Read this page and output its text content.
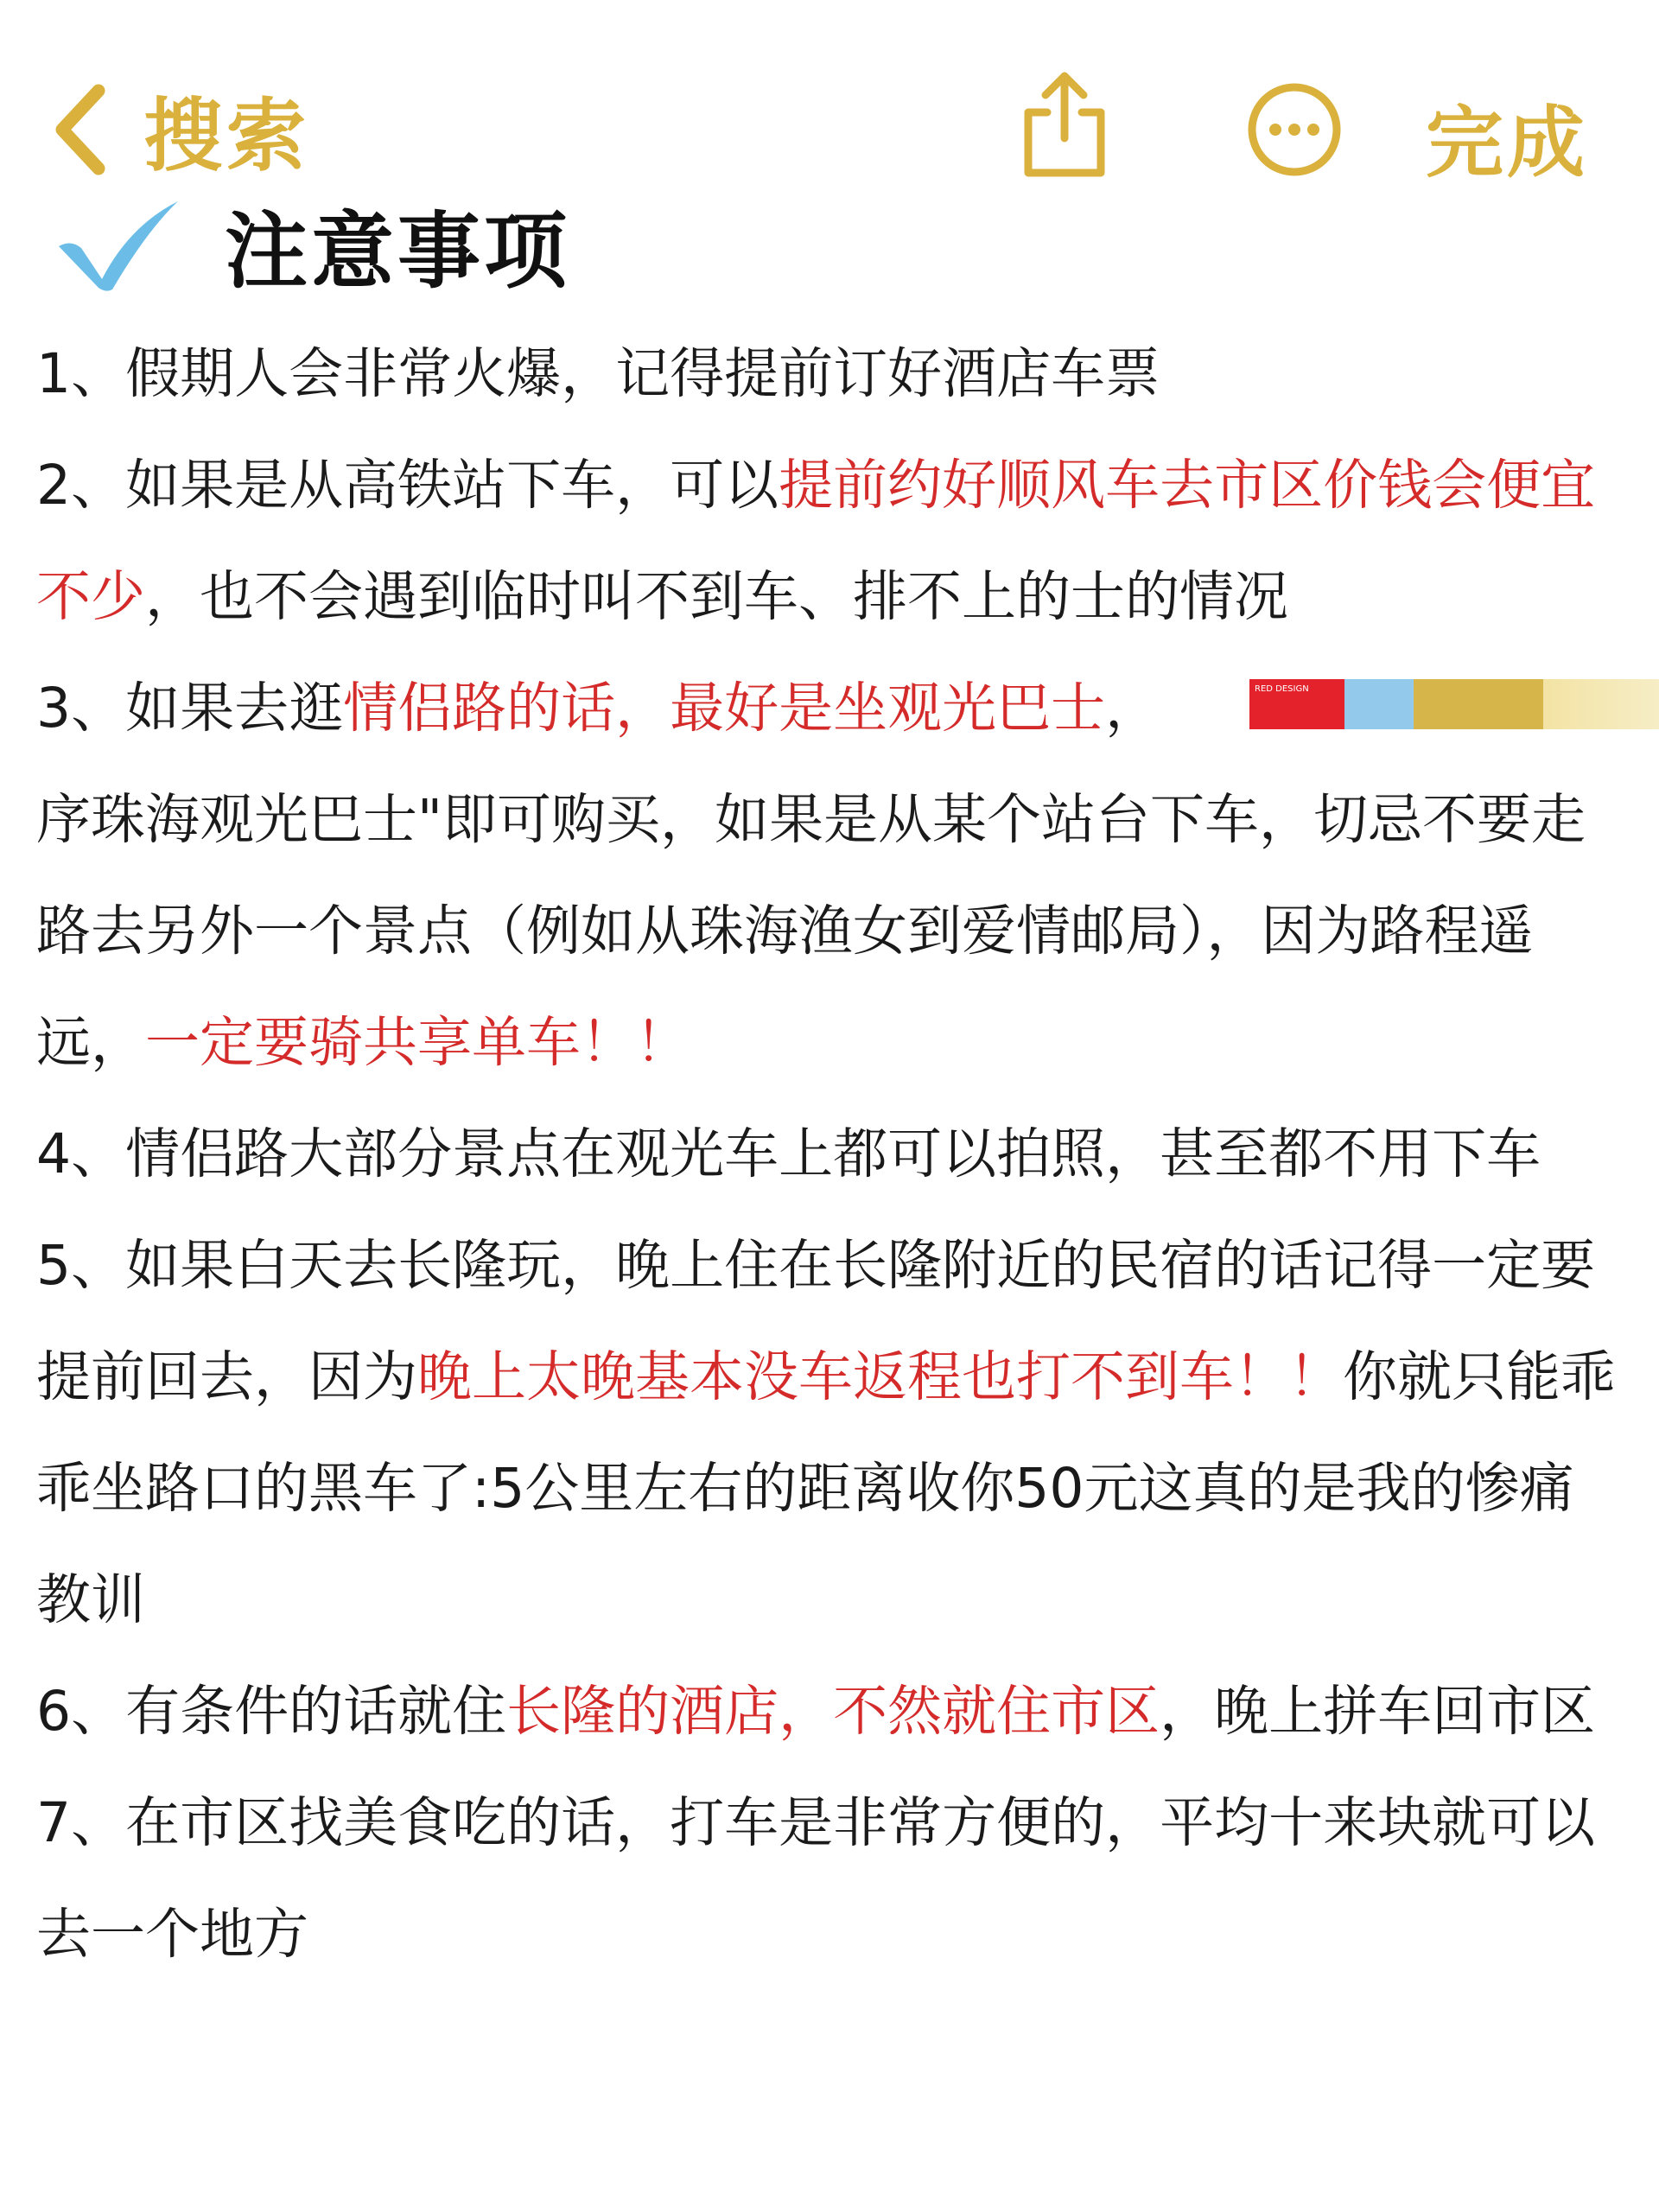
搜索	完成
注意事项

1、假期人会非常火爆，记得提前订好酒店车票

2、如果是从高铁站下车，可以提前约好顺风车去市区价钱会便宜不少，也不会遇到临时叫不到车、排不上的士的情况

3、如果去逛情侣路的话，最好是坐观光巴士，
序珠海观光巴士"即可购买，如果是从某个站台下车，切忌不要走路去另外一个景点（例如从珠海渔女到爱情邮局），因为路程遥远，一定要骑共享单车！！

4、情侣路大部分景点在观光车上都可以拍照，甚至都不用下车

5、如果白天去长隆玩，晚上住在长隆附近的民宿的话记得一定要提前回去，因为晚上太晚基本没车返程也打不到车！！你就只能乖乖坐路口的黑车了:5公里左右的距离收你50元这真的是我的惨痛教训

6、有条件的话就住长隆的酒店，不然就住市区，晚上拼车回市区

7、在市区找美食吃的话，打车是非常方便的，平均十来块就可以去一个地方

RED DESIGN
